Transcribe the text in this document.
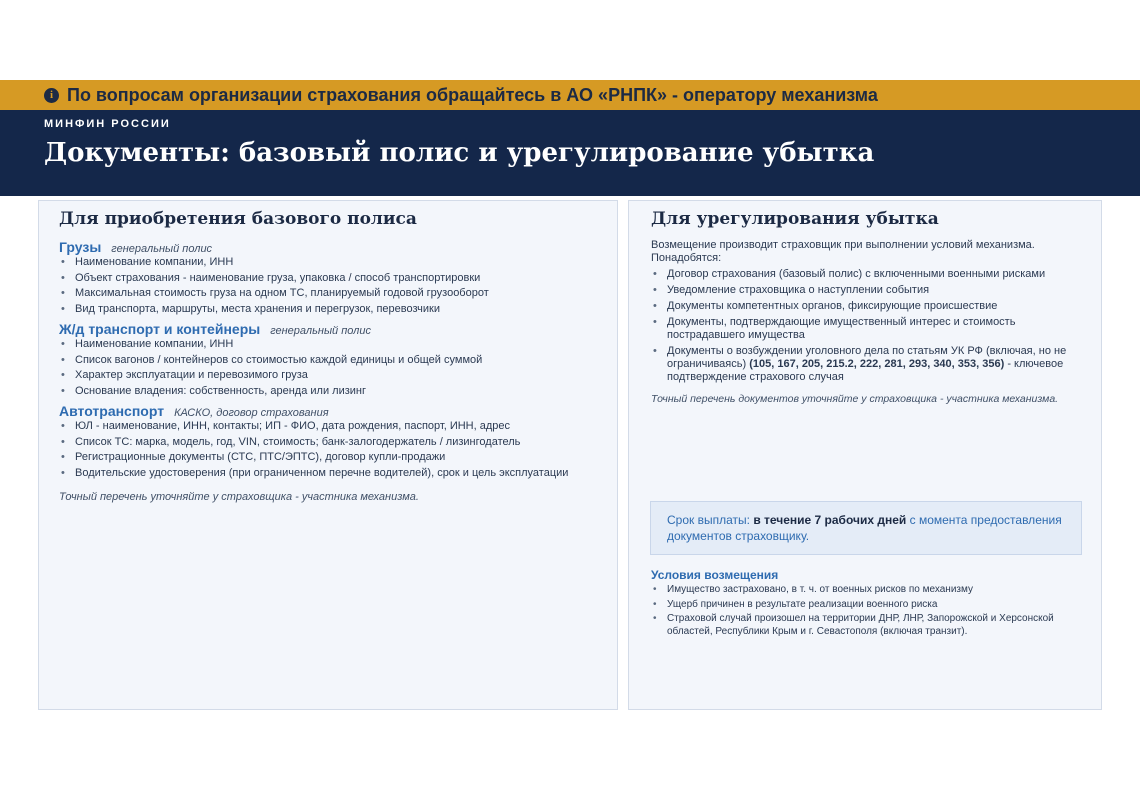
i По вопросам организации страхования обращайтесь в АО «РНПК» - оператору механизма
МИНФИН РОССИИ
Документы: базовый полис и урегулирование убытка
Для приобретения базового полиса
Грузы генеральный полис
• Наименование компании, ИНН
• Объект страхования - наименование груза, упаковка / способ транспортировки
• Максимальная стоимость груза на одном ТС, планируемый годовой грузооборот
• Вид транспорта, маршруты, места хранения и перегрузок, перевозчики
Ж/д транспорт и контейнеры генеральный полис
• Наименование компании, ИНН
• Список вагонов / контейнеров со стоимостью каждой единицы и общей суммой
• Характер эксплуатации и перевозимого груза
• Основание владения: собственность, аренда или лизинг
Автотранспорт КАСКО, договор страхования
• ЮЛ - наименование, ИНН, контакты; ИП - ФИО, дата рождения, паспорт, ИНН, адрес
• Список ТС: марка, модель, год, VIN, стоимость; банк-залогодержатель / лизингодатель
• Регистрационные документы (СТС, ПТС/ЭПТС), договор купли-продажи
• Водительские удостоверения (при ограниченном перечне водителей), срок и цель эксплуатации

Точный перечень уточняйте у страховщика - участника механизма.

Для урегулирования убытка

Возмещение производит страховщик при выполнении условий механизма. Понадобятся:

• Договор страхования (базовый полис) с включенными военными рисками
• Уведомление страховщика о наступлении события
• Документы компетентных органов, фиксирующие происшествие
• Документы, подтверждающие имущественный интерес и стоимость пострадавшего имущества
• Документы о возбуждении уголовного дела по статьям УК РФ (включая, но не ограничиваясь) (105, 167, 205, 215.2, 222, 281, 293, 340, 353, 356) - ключевое подтверждение страхового случая

Точный перечень документов уточняйте у страховщика - участника механизма.

Срок выплаты: в течение 7 рабочих дней с момента предоставления документов страховщику.
Условия возмещения
• Имущество застраховано, в т. ч. от военных рисков по механизму
• Ущерб причинен в результате реализации военного риска
• Страховой случай произошел на территории ДНР, ЛНР, Запорожской и Херсонской областей, Республики Крым и г. Севастополя (включая транзит).
